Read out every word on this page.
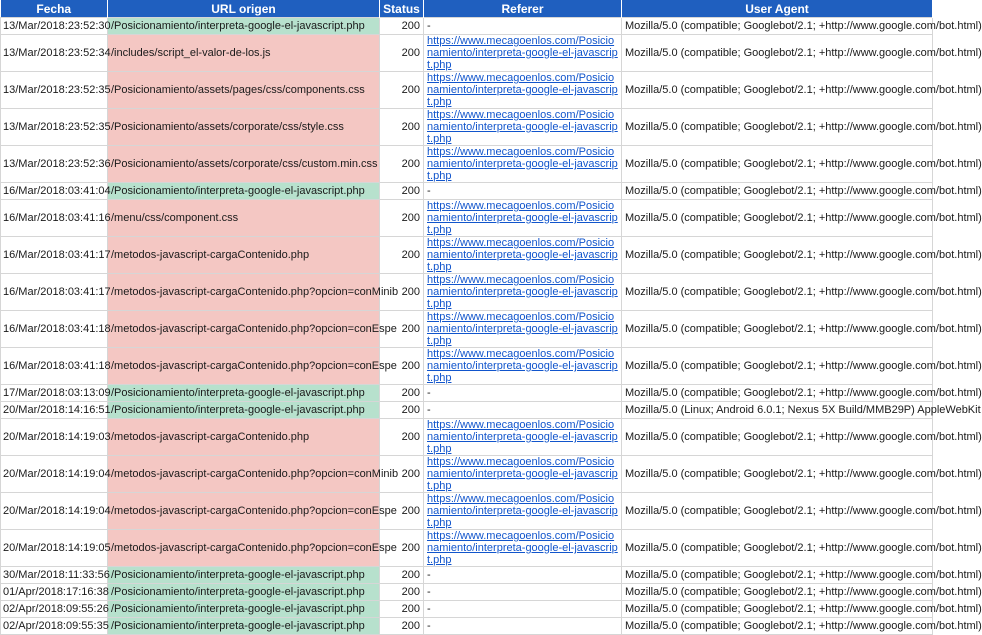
Fecha	URL origen	Status	Referer	User Agent
13/Mar/2018:23:52:30	/Posicionamiento/interpreta-google-el-javascript.php	200	-	Mozilla/5.0 (compatible; Googlebot/2.1; +http://www.google.com/bot.html)
13/Mar/2018:23:52:34	/includes/script_el-valor-de-los.js	200	https://www.mecagoenlos.com/Posicionamiento/interpreta-google-el-javascript.php	Mozilla/5.0 (compatible; Googlebot/2.1; +http://www.google.com/bot.html)
13/Mar/2018:23:52:35	/Posicionamiento/assets/pages/css/components.css	200	https://www.mecagoenlos.com/Posicionamiento/interpreta-google-el-javascript.php	Mozilla/5.0 (compatible; Googlebot/2.1; +http://www.google.com/bot.html)
13/Mar/2018:23:52:35	/Posicionamiento/assets/corporate/css/style.css	200	https://www.mecagoenlos.com/Posicionamiento/interpreta-google-el-javascript.php	Mozilla/5.0 (compatible; Googlebot/2.1; +http://www.google.com/bot.html)
13/Mar/2018:23:52:36	/Posicionamiento/assets/corporate/css/custom.min.css	200	https://www.mecagoenlos.com/Posicionamiento/interpreta-google-el-javascript.php	Mozilla/5.0 (compatible; Googlebot/2.1; +http://www.google.com/bot.html)
16/Mar/2018:03:41:04	/Posicionamiento/interpreta-google-el-javascript.php	200	-	Mozilla/5.0 (compatible; Googlebot/2.1; +http://www.google.com/bot.html)
16/Mar/2018:03:41:16	/menu/css/component.css	200	https://www.mecagoenlos.com/Posicionamiento/interpreta-google-el-javascript.php	Mozilla/5.0 (compatible; Googlebot/2.1; +http://www.google.com/bot.html)
16/Mar/2018:03:41:17	/metodos-javascript-cargaContenido.php	200	https://www.mecagoenlos.com/Posicionamiento/interpreta-google-el-javascript.php	Mozilla/5.0 (compatible; Googlebot/2.1; +http://www.google.com/bot.html)
16/Mar/2018:03:41:17	/metodos-javascript-cargaContenido.php?opcion=conMinib	200	https://www.mecagoenlos.com/Posicionamiento/interpreta-google-el-javascript.php	Mozilla/5.0 (compatible; Googlebot/2.1; +http://www.google.com/bot.html)
16/Mar/2018:03:41:18	/metodos-javascript-cargaContenido.php?opcion=conEspe	200	https://www.mecagoenlos.com/Posicionamiento/interpreta-google-el-javascript.php	Mozilla/5.0 (compatible; Googlebot/2.1; +http://www.google.com/bot.html)
16/Mar/2018:03:41:18	/metodos-javascript-cargaContenido.php?opcion=conEspe	200	https://www.mecagoenlos.com/Posicionamiento/interpreta-google-el-javascript.php	Mozilla/5.0 (compatible; Googlebot/2.1; +http://www.google.com/bot.html)
17/Mar/2018:03:13:09	/Posicionamiento/interpreta-google-el-javascript.php	200	-	Mozilla/5.0 (compatible; Googlebot/2.1; +http://www.google.com/bot.html)
20/Mar/2018:14:16:51	/Posicionamiento/interpreta-google-el-javascript.php	200	-	Mozilla/5.0 (Linux; Android 6.0.1; Nexus 5X Build/MMB29P) AppleWebKit
20/Mar/2018:14:19:03	/metodos-javascript-cargaContenido.php	200	https://www.mecagoenlos.com/Posicionamiento/interpreta-google-el-javascript.php	Mozilla/5.0 (compatible; Googlebot/2.1; +http://www.google.com/bot.html)
20/Mar/2018:14:19:04	/metodos-javascript-cargaContenido.php?opcion=conMinib	200	https://www.mecagoenlos.com/Posicionamiento/interpreta-google-el-javascript.php	Mozilla/5.0 (compatible; Googlebot/2.1; +http://www.google.com/bot.html)
20/Mar/2018:14:19:04	/metodos-javascript-cargaContenido.php?opcion=conEspe	200	https://www.mecagoenlos.com/Posicionamiento/interpreta-google-el-javascript.php	Mozilla/5.0 (compatible; Googlebot/2.1; +http://www.google.com/bot.html)
20/Mar/2018:14:19:05	/metodos-javascript-cargaContenido.php?opcion=conEspe	200	https://www.mecagoenlos.com/Posicionamiento/interpreta-google-el-javascript.php	Mozilla/5.0 (compatible; Googlebot/2.1; +http://www.google.com/bot.html)
30/Mar/2018:11:33:56	/Posicionamiento/interpreta-google-el-javascript.php	200	-	Mozilla/5.0 (compatible; Googlebot/2.1; +http://www.google.com/bot.html)
01/Apr/2018:17:16:38	/Posicionamiento/interpreta-google-el-javascript.php	200	-	Mozilla/5.0 (compatible; Googlebot/2.1; +http://www.google.com/bot.html)
02/Apr/2018:09:55:26	/Posicionamiento/interpreta-google-el-javascript.php	200	-	Mozilla/5.0 (compatible; Googlebot/2.1; +http://www.google.com/bot.html)
02/Apr/2018:09:55:35	/Posicionamiento/interpreta-google-el-javascript.php	200	-	Mozilla/5.0 (compatible; Googlebot/2.1; +http://www.google.com/bot.html)
